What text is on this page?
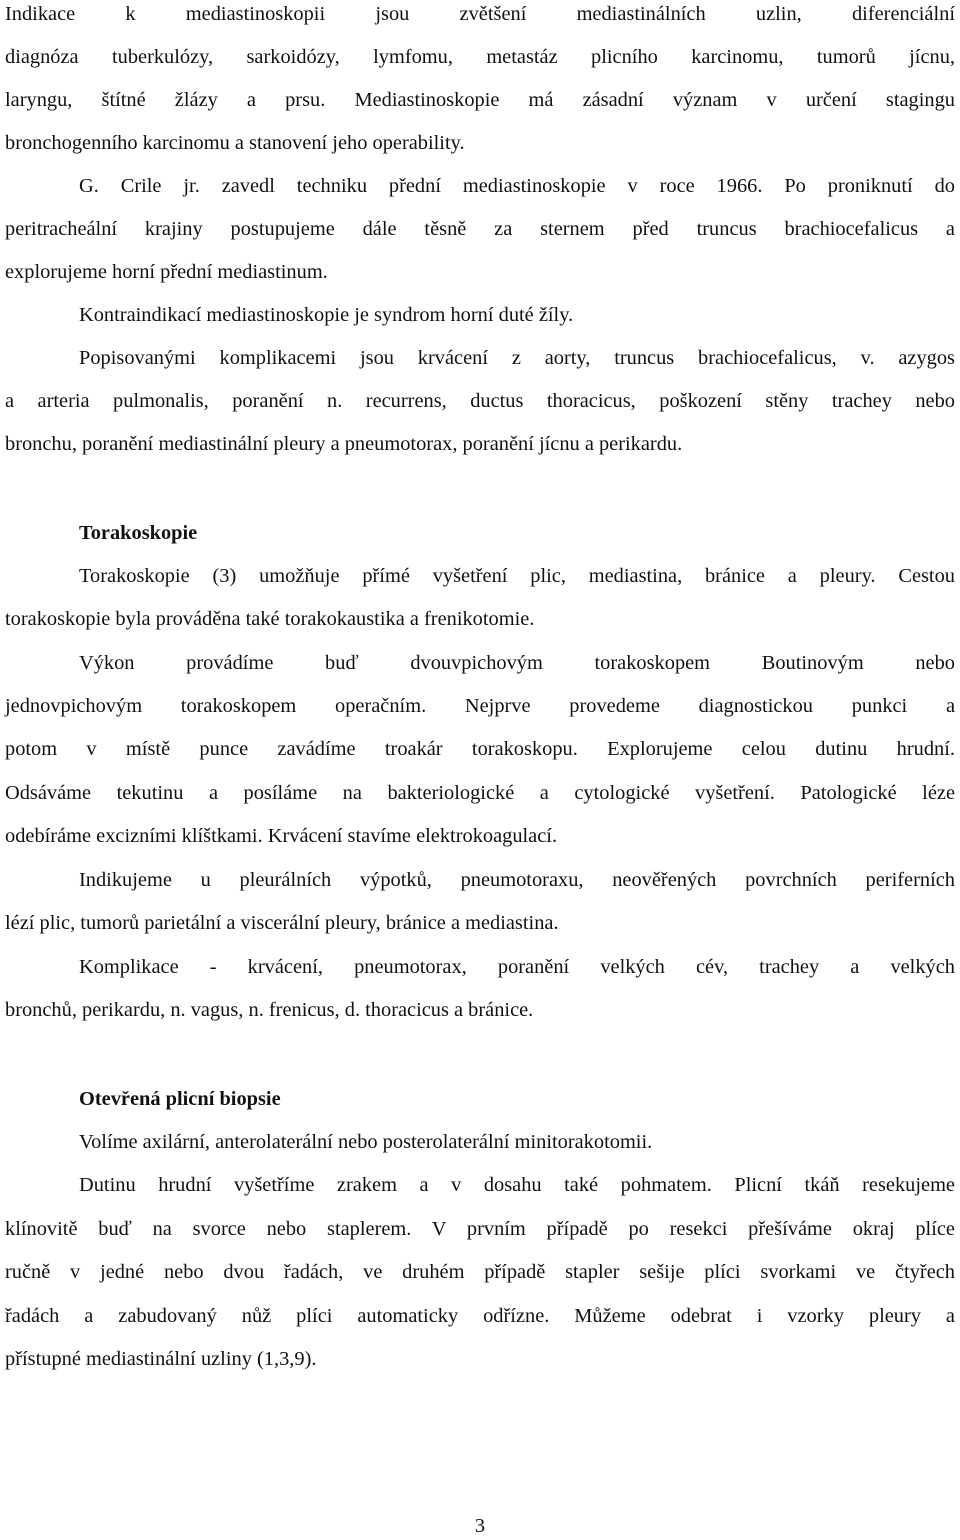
Indikace k mediastinoskopii jsou zvětšení mediastinálních uzlin, diferenciální
diagnóza tuberkulózy, sarkoidózy, lymfomu, metastáz plicního karcinomu, tumorů jícnu,
laryngu, štítné žlázy a prsu. Mediastinoskopie má zásadní význam v určení stagingu
bronchogenního karcinomu a stanovení jeho operability.
G. Crile jr. zavedl techniku přední mediastinoskopie v roce 1966. Po proniknutí do
peritracheální krajiny postupujeme dále těsně za sternem před truncus brachiocefalicus a
explorujeme horní přední mediastinum.
Kontraindikací mediastinoskopie je syndrom horní duté žíly.
Popisovanými komplikacemi jsou krvácení z aorty, truncus brachiocefalicus, v. azygos
a arteria pulmonalis, poranění n. recurrens, ductus thoracicus, poškození stěny trachey nebo
bronchu, poranění mediastinální pleury a pneumotorax, poranění jícnu a perikardu.
Torakoskopie
Torakoskopie (3) umožňuje přímé vyšetření plic, mediastina, bránice a pleury. Cestou
torakoskopie byla prováděna také torakokaustika a frenikotomie.
Výkon provádíme buď dvouvpichovým torakoskopem Boutinovým nebo
jednovpichovým torakoskopem operačním. Nejprve provedeme diagnostickou punkci a
potom v místě punce zavádíme troakár torakoskopu. Explorujeme celou dutinu hrudní.
Odsáváme tekutinu a posíláme na bakteriologické a cytologické vyšetření. Patologické léze
odebíráme excizními klíštkami. Krvácení stavíme elektrokoagulací.
Indikujeme u pleurálních výpotků, pneumotoraxu, neověřených povrchních periferních
lézí plic, tumorů parietální a viscerální pleury, bránice a mediastina.
Komplikace - krvácení, pneumotorax, poranění velkých cév, trachey a velkých
bronchů, perikardu, n. vagus, n. frenicus, d. thoracicus a bránice.
Otevřená plicní biopsie
Volíme axilární, anterolaterální nebo posterolaterální minitorakotomii.
Dutinu hrudní vyšetříme zrakem a v dosahu také pohmatem. Plicní tkáň resekujeme
klínovitě buď na svorce nebo staplerem. V prvním případě po resekci přešíváme okraj plíce
ručně v jedné nebo dvou řadách, ve druhém případě stapler sešije plíci svorkami ve čtyřech
řadách a zabudovaný nůž plíci automaticky odřízne. Můžeme odebrat i vzorky pleury a
přístupné mediastinální uzliny (1,3,9).
3
